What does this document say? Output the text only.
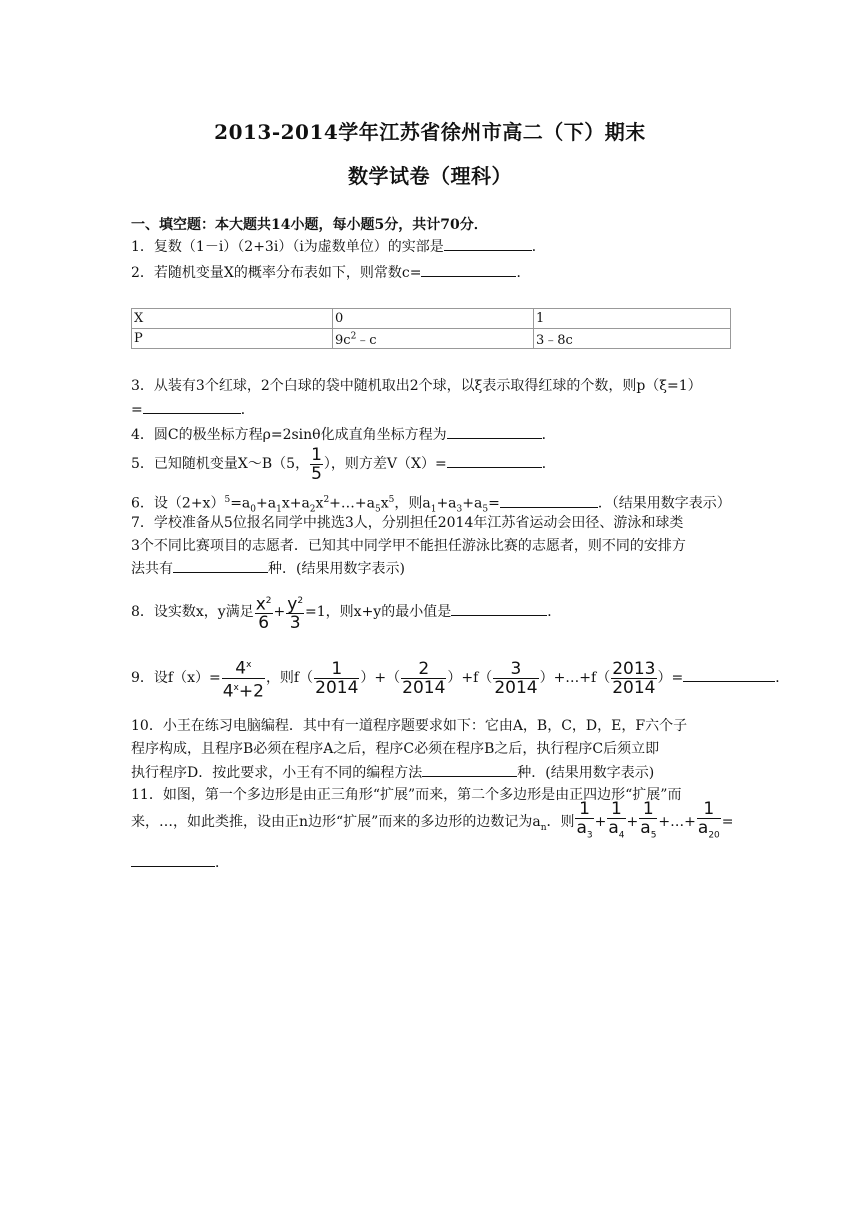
2013-2014学年江苏省徐州市高二（下）期末
数学试卷（理科）
一、填空题：本大题共14小题，每小题5分，共计70分．
1．复数（1－i）（2+3i）（i为虚数单位）的实部是	．
2．若随机变量X的概率分布表如下，则常数c=	．
X	0	1
P	$9c^2﹣c$	3﹣8c
3．从装有3个红球，2个白球的袋中随机取出2个球，以ξ表示取得红球的个数，则p（ξ=1）
=	．
4．圆C的极坐标方程ρ=2sinθ化成直角坐标方程为	．
5．已知随机变量X～B（5， $\frac{1}{5}$ ），则方差V（X）=	．
6．设$(2+x)^5=a_0+a_1x+a_2x^2+\dots+a_5x^5$，则$a_1+a_3+a_5=$	．（结果用数字表示）
7．学校准备从5位报名同学中挑选3人，分别担任2014年江苏省运动会田径、游泳和球类
3个不同比赛项目的志愿者．已知其中同学甲不能担任游泳比赛的志愿者，则不同的安排方
法共有	种．(结果用数字表示)
8．设实数x，y满足 $\frac{x^2}{6} + \frac{y^2}{3} =1$，则x+y的最小值是	．
9．设$f(x)= \frac{4^x}{4^x+2}$ ，则$f( \frac{1}{2014}$ ）+（ $\frac{2}{2014} )+f( \frac{3}{2014}$ ）+…+f（ $\frac{2013}{2014}$ ）=	．
10．小王在练习电脑编程．其中有一道程序题要求如下：它由A，B，C，D，E，F六个子
程序构成，且程序B必须在程序A之后，程序C必须在程序B之后，执行程序C后须立即
执行程序D．按此要求，小王有不同的编程方法	种．(结果用数字表示)
11．如图，第一个多边形是由正三角形“扩展”而来，第二个多边形是由正四边形“扩展”而
来，…，如此类推，设由正n边形“扩展”而来的多边形的边数记为$a_n$．则 $\frac{1}{a_3} + \frac{1}{a_4} + \frac{1}{a_5}$ +…+ $\frac{1}{a_{20}}$ =
．
